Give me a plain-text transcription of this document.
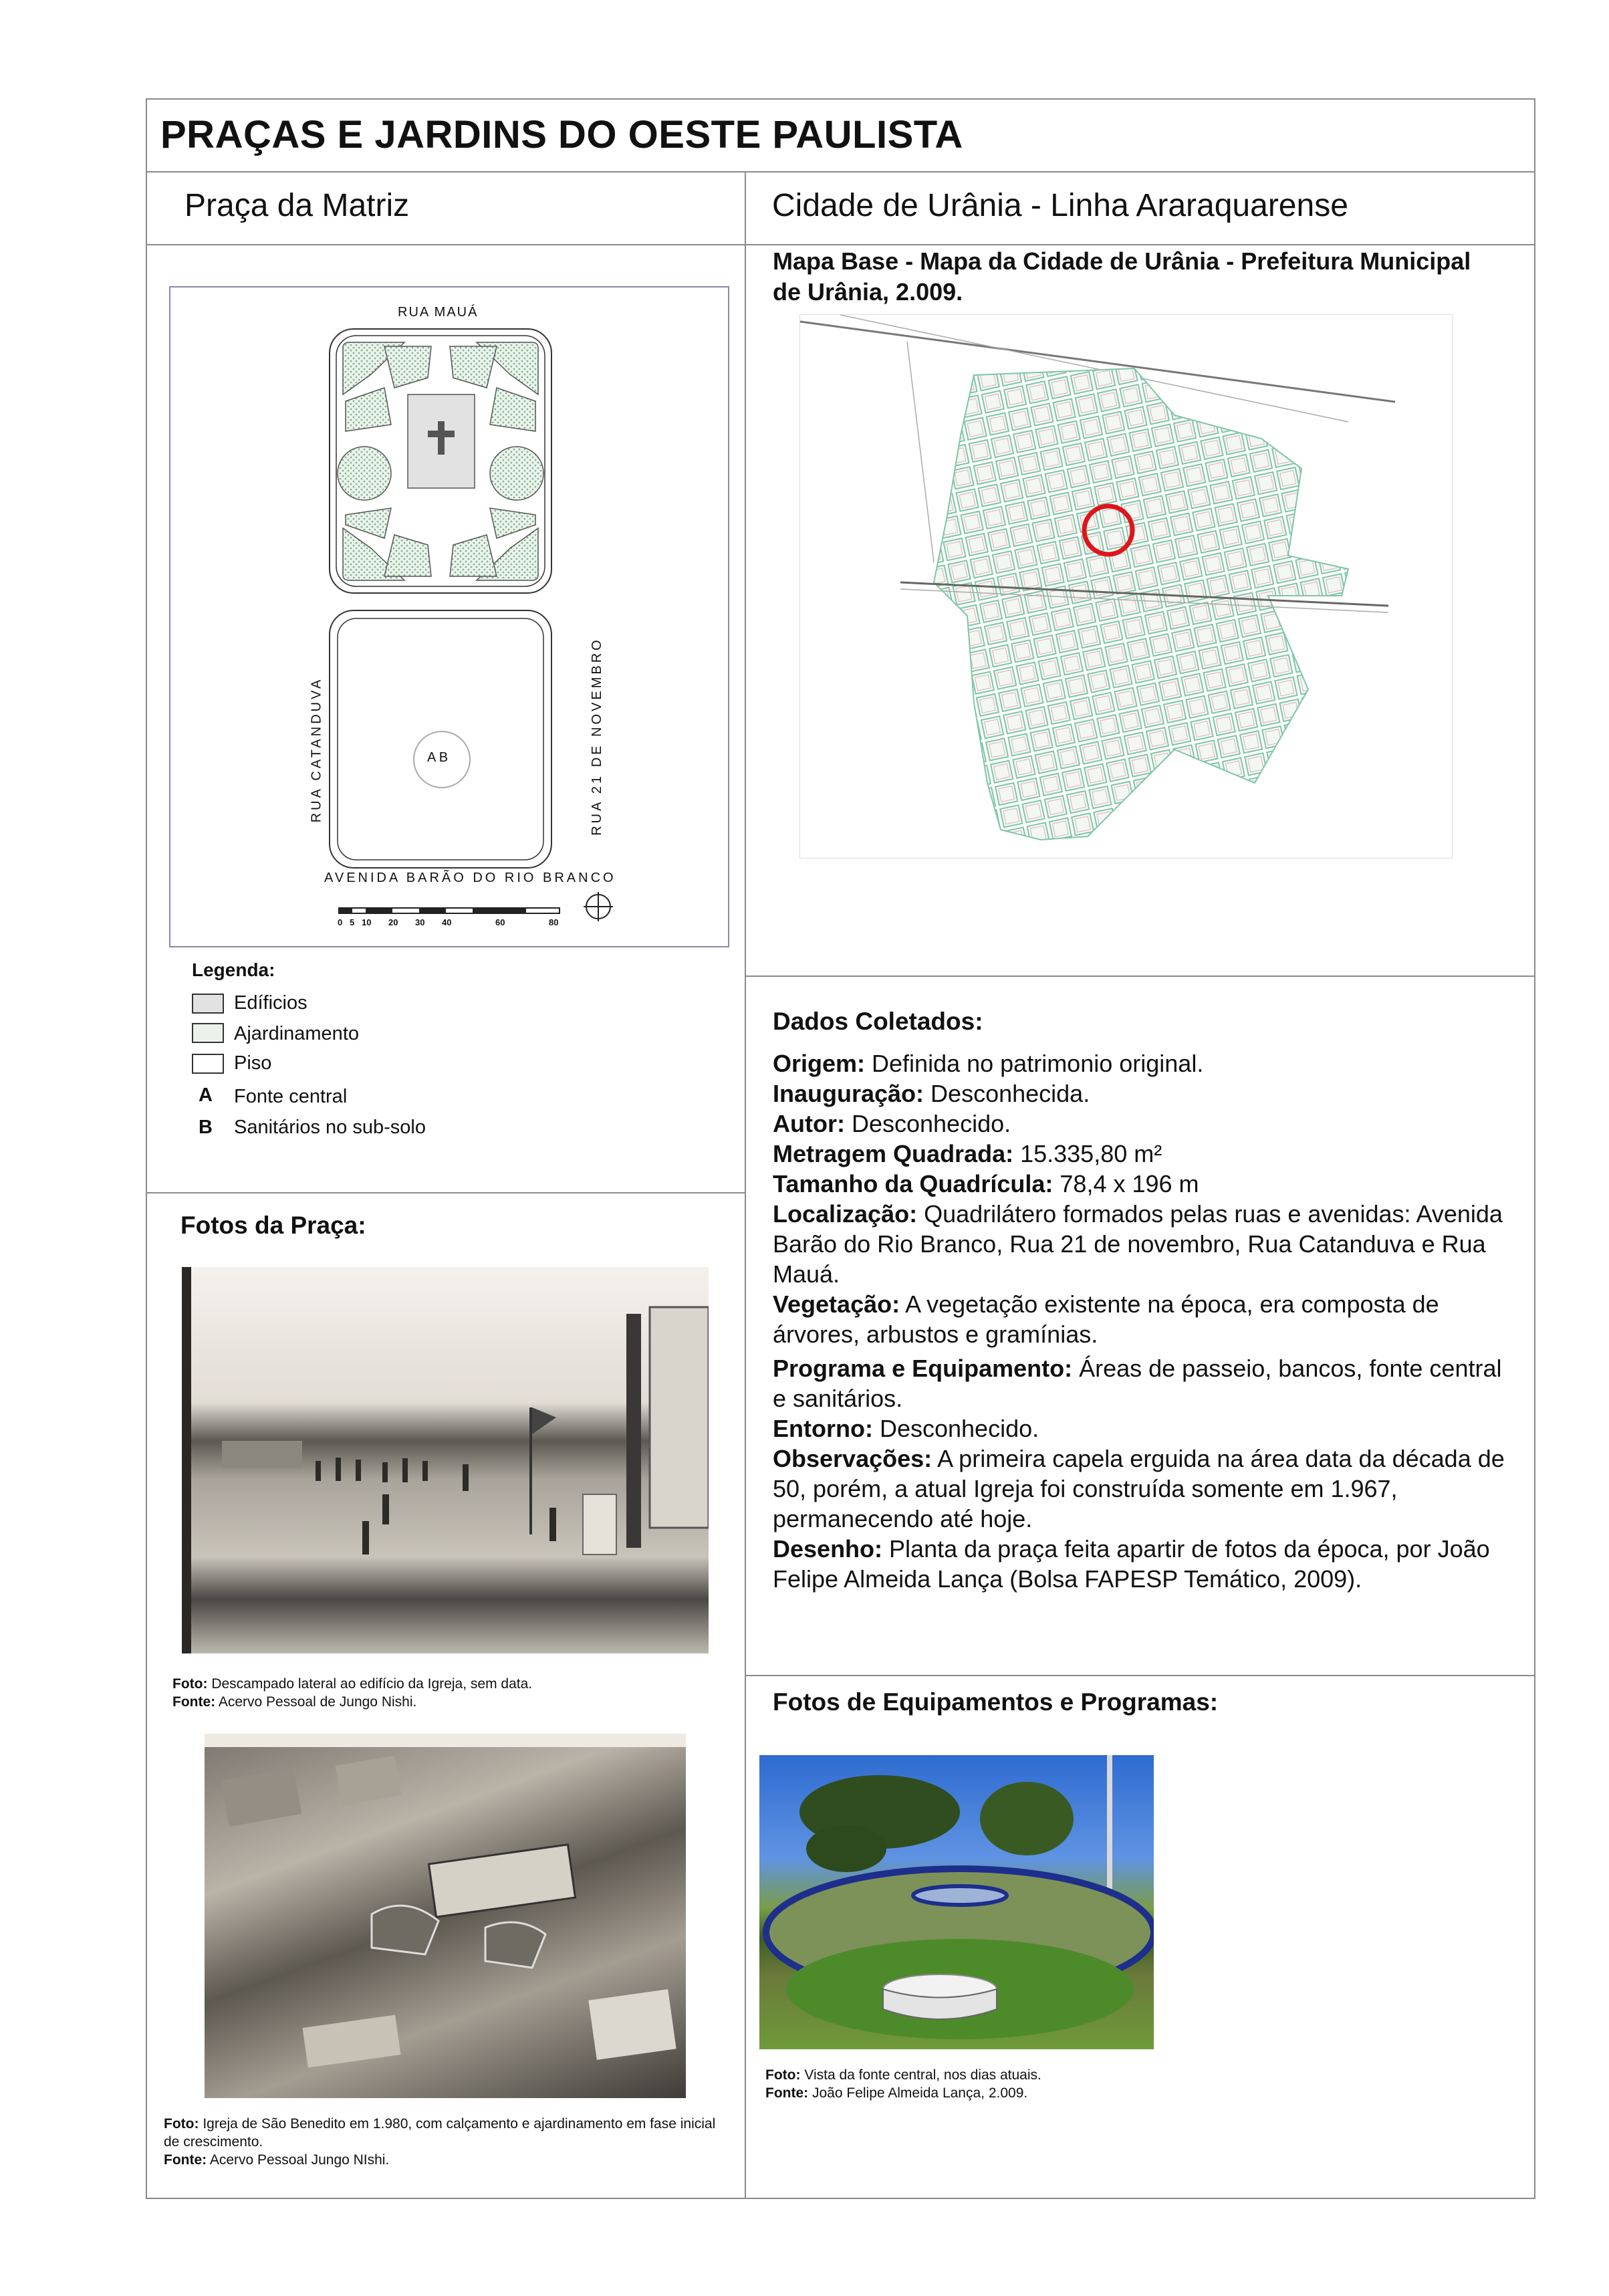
PRAÇAS E JARDINS DO OESTE PAULISTA
Praça da Matriz	Cidade de Urânia - Linha Araraquarense
RUA MAUÁ
RUA CATANDUVA	RUA 21 DE NOVEMBRO
AVENIDA BARÃO DO RIO BRANCO
A B
0 5 10 20 30 40	60	80
Legenda:
Edíficios
Ajardinamento
Piso
A Fonte central
B Sanitários no sub-solo
Mapa Base - Mapa da Cidade de Urânia - Prefeitura Municipal
de Urânia, 2.009.
Dados Coletados:

Origem: Definida no patrimonio original.

Inauguração: Desconhecida.

Autor: Desconhecido.

Metragem Quadrada: 15.335,80 m²

Tamanho da Quadrícula: 78,4 x 196 m

Localização: Quadrilátero formados pelas ruas e avenidas: Avenida Barão do Rio Branco, Rua 21 de novembro, Rua Catanduva e Rua Mauá.

Vegetação: A vegetação existente na época, era composta de árvores, arbustos e gramínias.

Programa e Equipamento: Áreas de passeio, bancos, fonte central e sanitários.

Entorno: Desconhecido.

Observações: A primeira capela erguida na área data da década de 50, porém, a atual Igreja foi construída somente em 1.967, permanecendo até hoje.

Desenho: Planta da praça feita apartir de fotos da época, por João Felipe Almeida Lança (Bolsa FAPESP Temático, 2009).

Fotos da Praça:
Foto: Descampado lateral ao edifício da Igreja, sem data.
Fonte: Acervo Pessoal de Jungo Nishi.
Foto: Igreja de São Benedito em 1.980, com calçamento e ajardinamento em fase inicial de crescimento.
Fonte: Acervo Pessoal Jungo NIshi.
Fotos de Equipamentos e Programas:
Foto: Vista da fonte central, nos dias atuais.
Fonte: João Felipe Almeida Lança, 2.009.
